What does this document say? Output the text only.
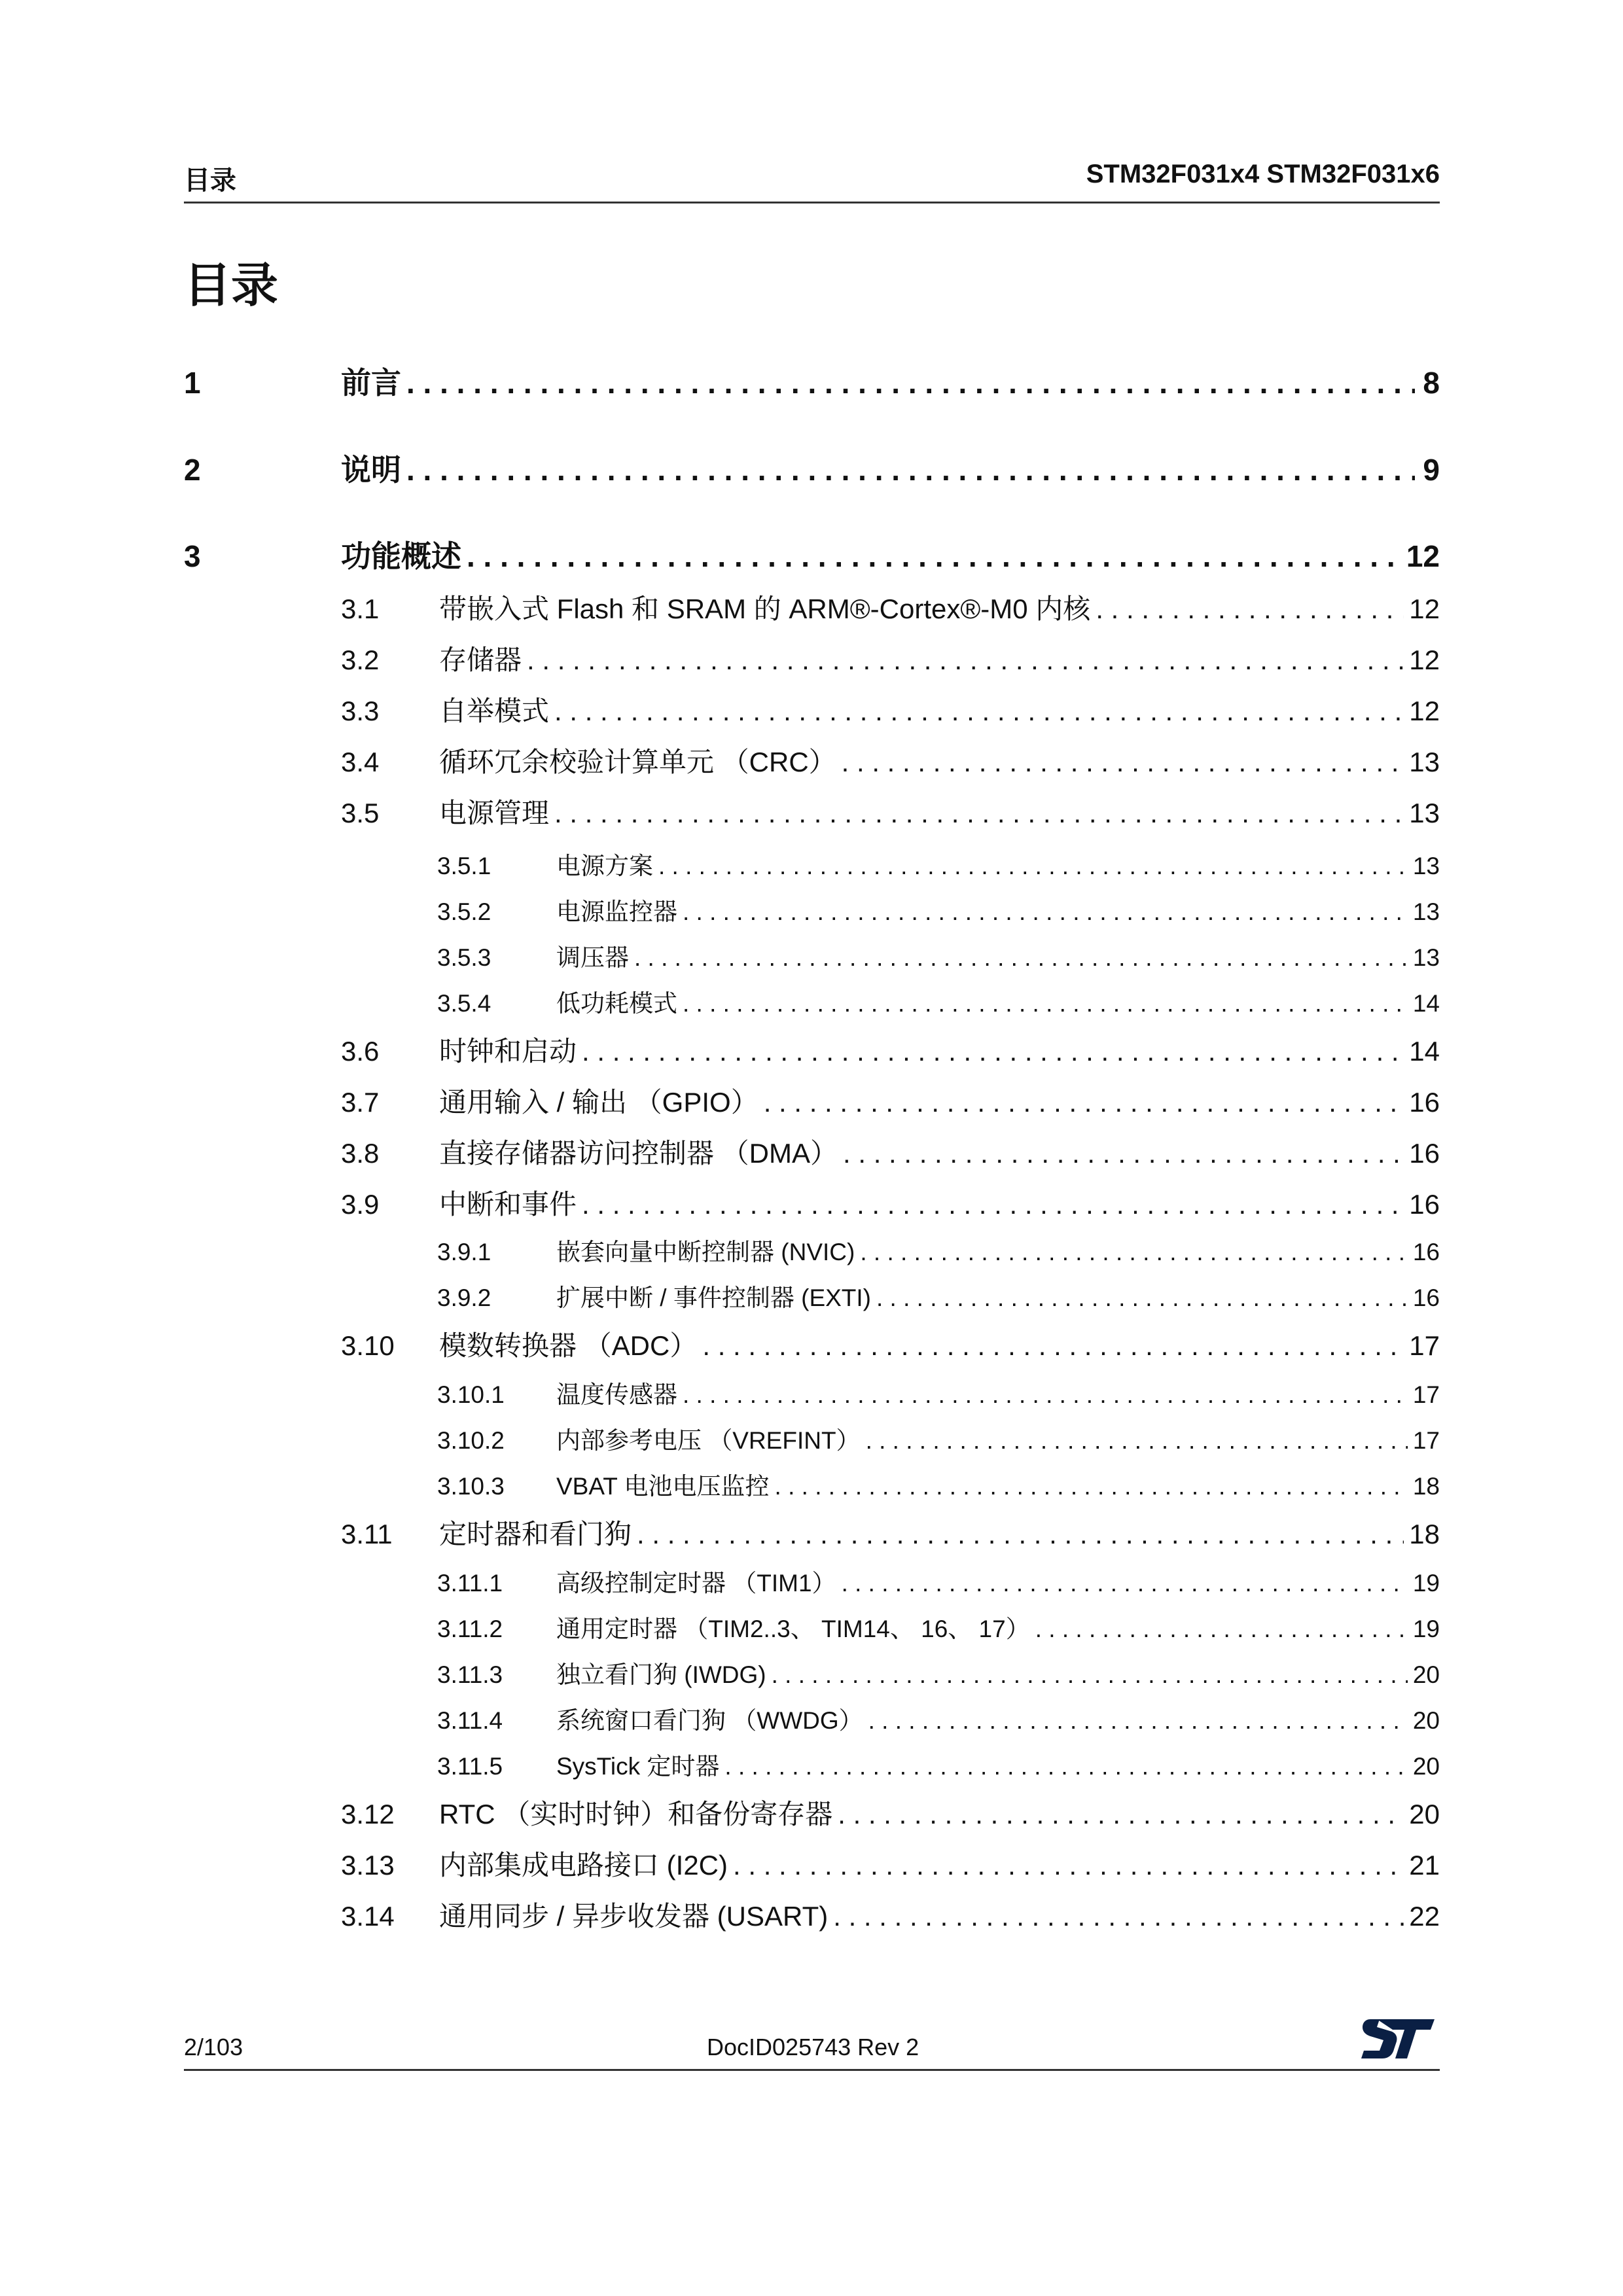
目录	STM32F031x4 STM32F031x6
目录
1	前言 . . .	8
2	说明 . . .	9
3	功能概述 . . .	12
3.1	带嵌入式 Flash 和 SRAM 的 ARM®-Cortex®-M0 内核 . . .	12
3.2	存储器 . . .	12
3.3	自举模式 . . .	12
3.4	循环冗余校验计算单元 （CRC） . . .	13
3.5	电源管理 . . .	13
3.5.1	电源方案 . . .	13
3.5.2	电源监控器 . . .	13
3.5.3	调压器 . . .	13
3.5.4	低功耗模式 . . .	14
3.6	时钟和启动 . . .	14
3.7	通用输入 / 输出 （GPIO） . . .	16
3.8	直接存储器访问控制器 （DMA） . . .	16
3.9	中断和事件 . . .	16
3.9.1	嵌套向量中断控制器 (NVIC) . . .	16
3.9.2	扩展中断 / 事件控制器 (EXTI) . . .	16
3.10	模数转换器 （ADC） . . .	17
3.10.1	温度传感器 . . .	17
3.10.2	内部参考电压 （VREFINT） . . .	17
3.10.3	VBAT 电池电压监控 . . .	18
3.11	定时器和看门狗 . . .	18
3.11.1	高级控制定时器 （TIM1） . . .	19
3.11.2	通用定时器 （TIM2..3、 TIM14、 16、 17） . . .	19
3.11.3	独立看门狗 (IWDG) . . .	20
3.11.4	系统窗口看门狗 （WWDG） . . .	20
3.11.5	SysTick 定时器 . . .	20
3.12	RTC （实时时钟）和备份寄存器 . . .	20
3.13	内部集成电路接口 (I2C) . . .	21
3.14	通用同步 / 异步收发器 (USART) . . .	22
2/103	DocID025743 Rev 2
